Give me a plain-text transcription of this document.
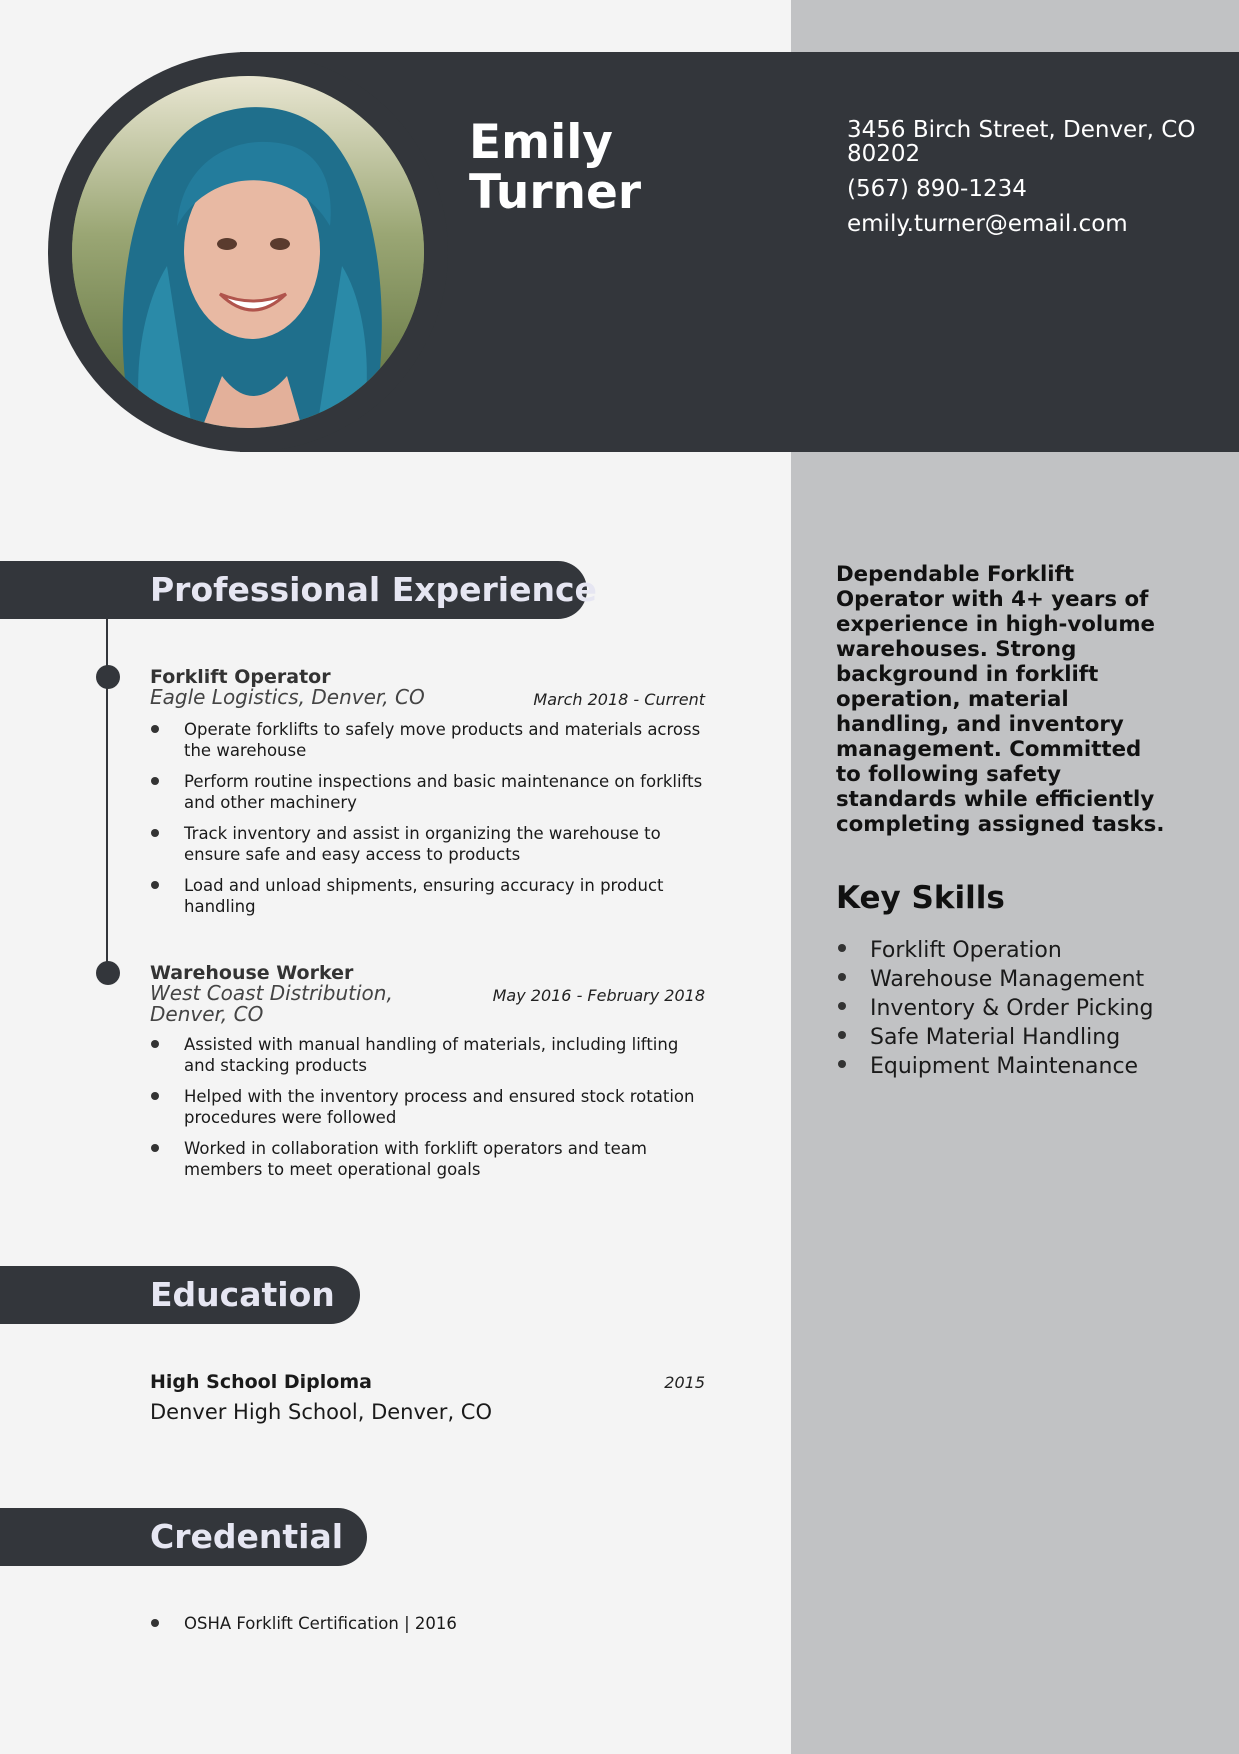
Emily
Turner
3456 Birch Street, Denver, CO 80202
(567) 890-1234
emily.turner@email.com
Professional Experience
Forklift Operator
Eagle Logistics, Denver, CO	March 2018 - Current
Operate forklifts to safely move products and materials across the warehouse
Perform routine inspections and basic maintenance on forklifts and other machinery
Track inventory and assist in organizing the warehouse to ensure safe and easy access to products
Load and unload shipments, ensuring accuracy in product handling
Warehouse Worker
West Coast Distribution, Denver, CO
May 2016 - February 2018
Assisted with manual handling of materials, including lifting and stacking products
Helped with the inventory process and ensured stock rotation procedures were followed
Worked in collaboration with forklift operators and team members to meet operational goals
Education
High School Diploma	2015
Denver High School, Denver, CO
Credential
OSHA Forklift Certification | 2016
Dependable Forklift Operator with 4+ years of experience in high-volume warehouses. Strong background in forklift operation, material handling, and inventory management. Committed to following safety standards while efficiently completing assigned tasks.
Key Skills
Forklift Operation
Warehouse Management
Inventory & Order Picking
Safe Material Handling
Equipment Maintenance
